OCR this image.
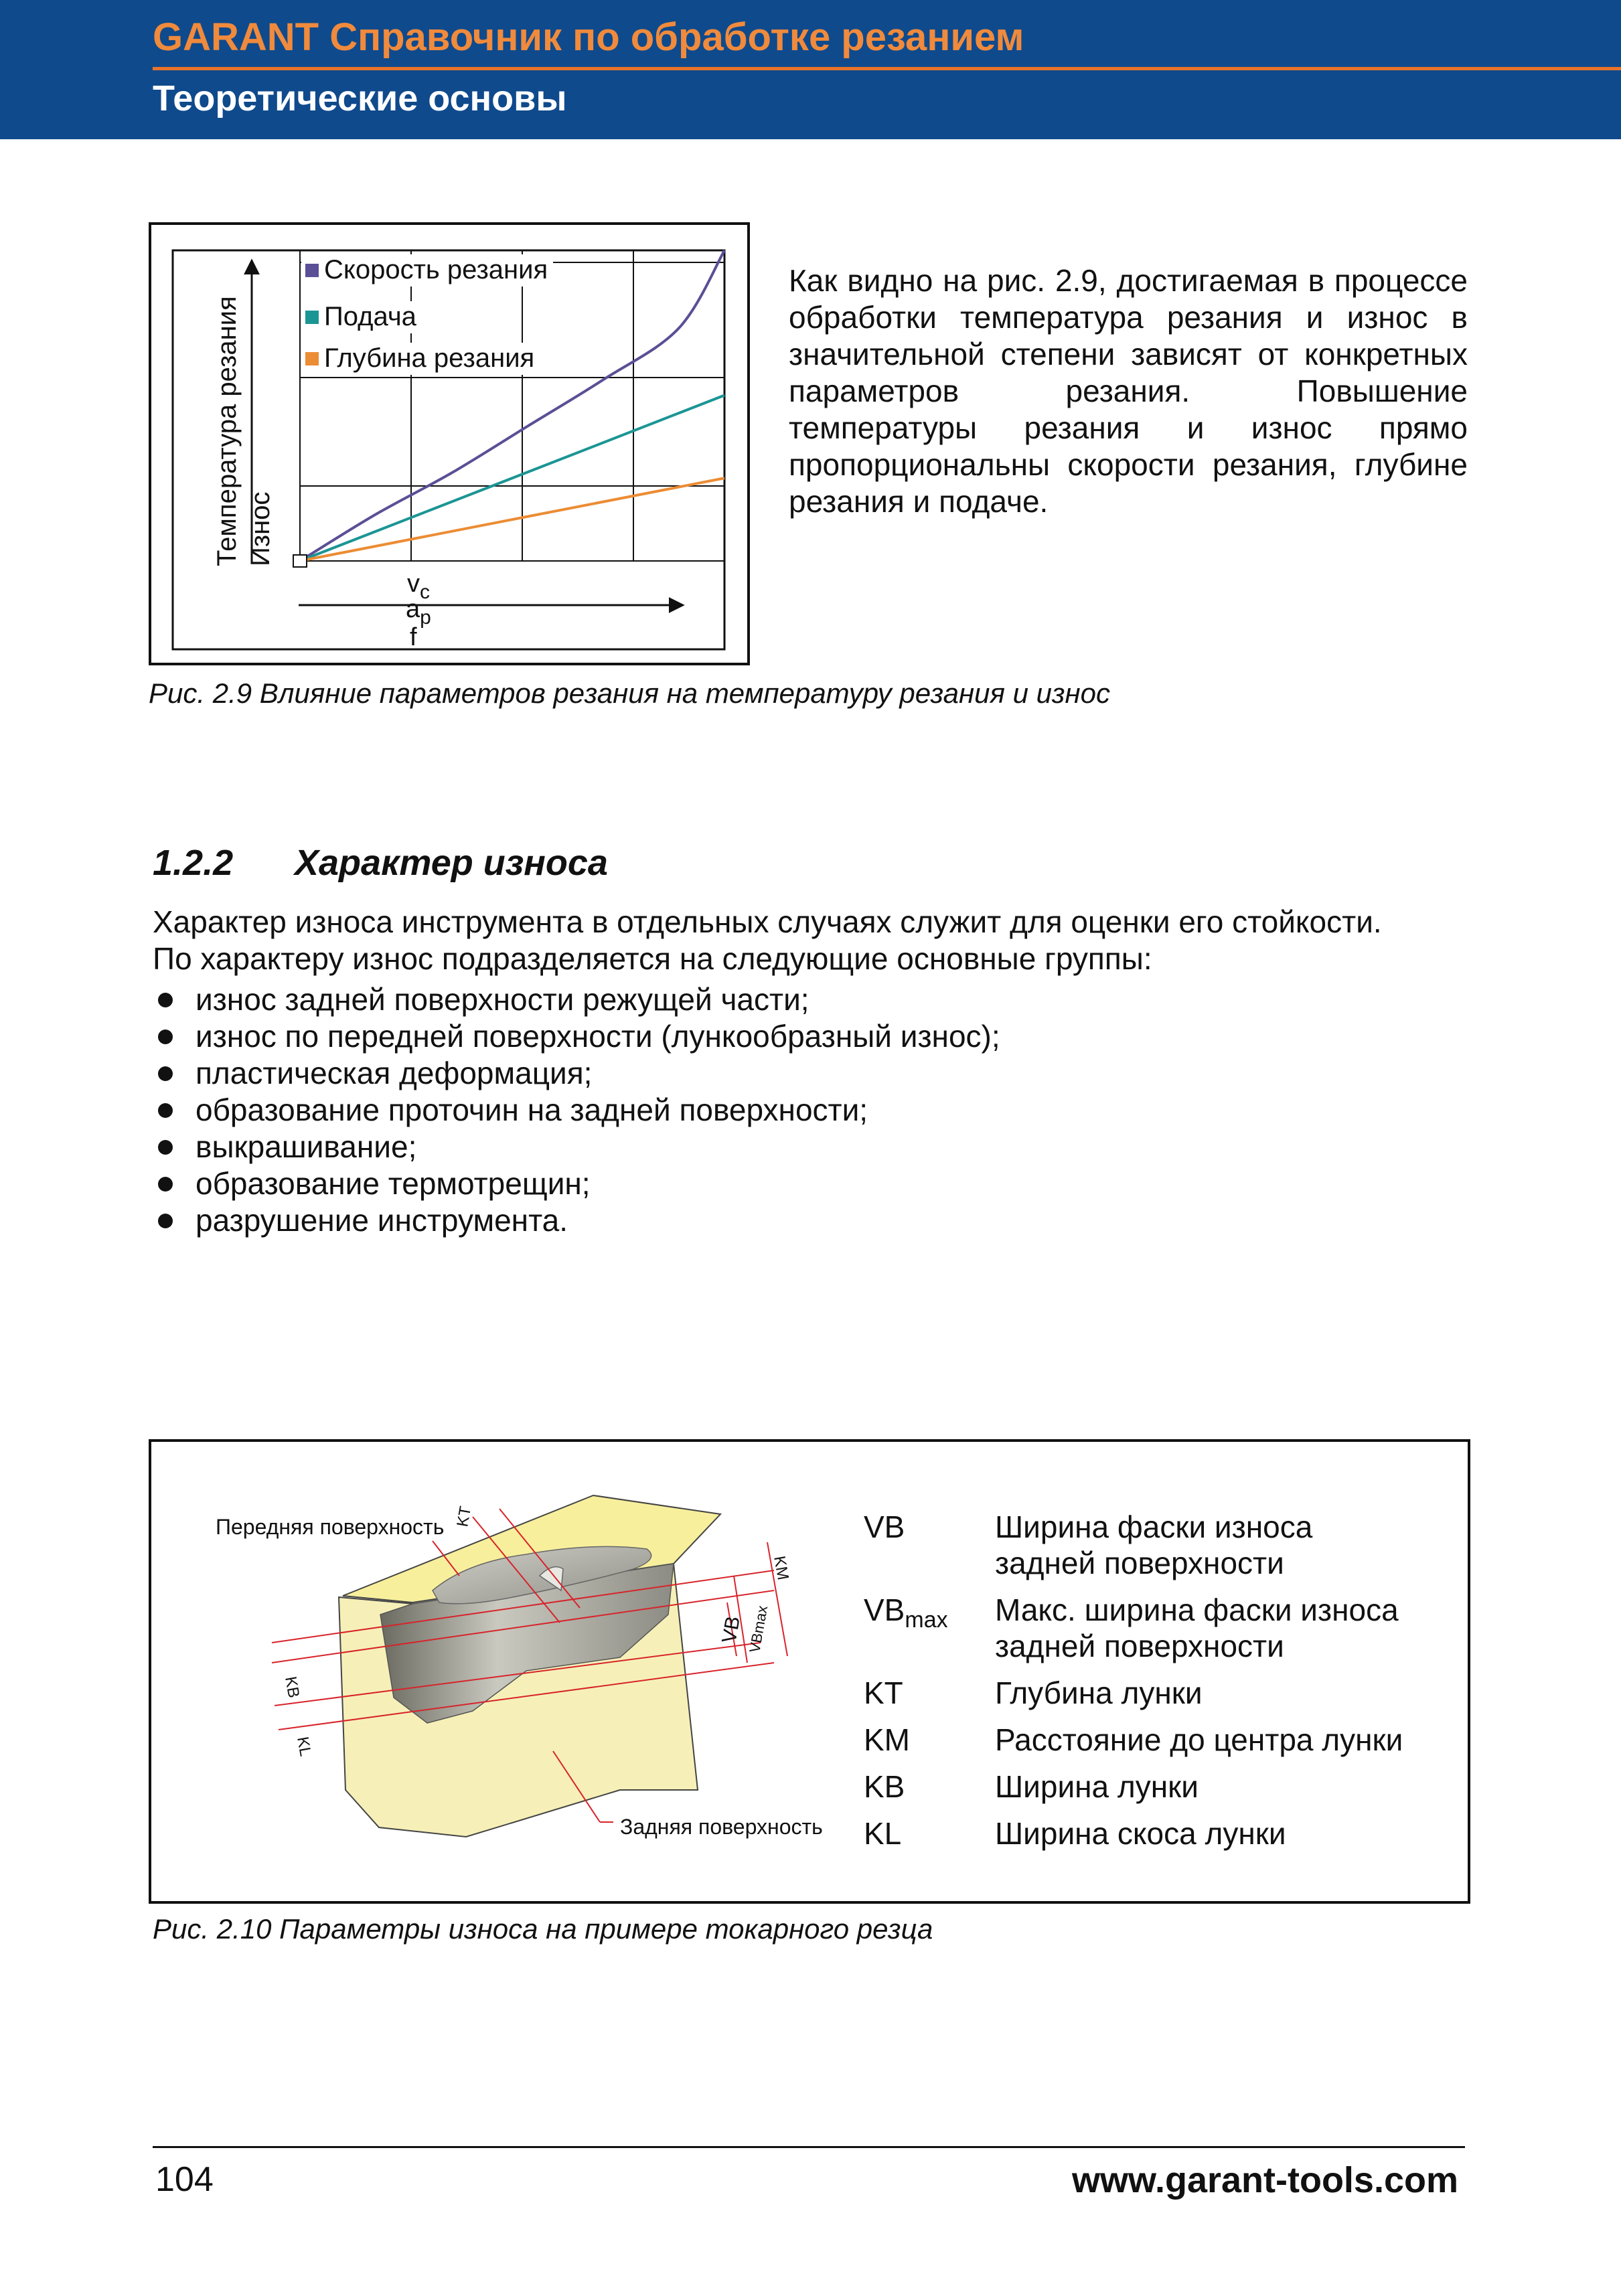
GARANT Справочник по обработке резанием
Теоретические основы
Скорость резания
Подача
Глубина резания
Температура резания Износ
$v_c$
$a_p$
f
Как видно на рис. 2.9, достигаемая в процессе обработки температура резания и износ в значительной степени зависят от конкретных параметров резания. Повышение температуры резания и износ прямо пропорциональны скорости резания, глубине резания и подаче.
Рис. 2.9 Влияние параметров резания на температуру резания и износ
1.2.2 Характер износа

Характер износа инструмента в отдельных случаях служит для оценки его стойкости.

По характеру износ подразделяется на следующие основные группы:

износ задней поверхности режущей части;
износ по передней поверхности (лункообразный износ);
пластическая деформация;
образование проточин на задней поверхности;
выкрашивание;
образование термотрещин;
разрушение инструмента.
Передняя поверхность
Задняя поверхность
KT
KM
VB VBmax
KB
KL
VB	Ширина фаски износа
задней поверхности
$VB_{max}$ Макс. ширина фаски износа
задней поверхности
KT	Глубина лунки
KM	Расстояние до центра лунки
KB	Ширина лунки
KL	Ширина скоса лунки
Рис. 2.10 Параметры износа на примере токарного резца
104	www.garant-tools.com
